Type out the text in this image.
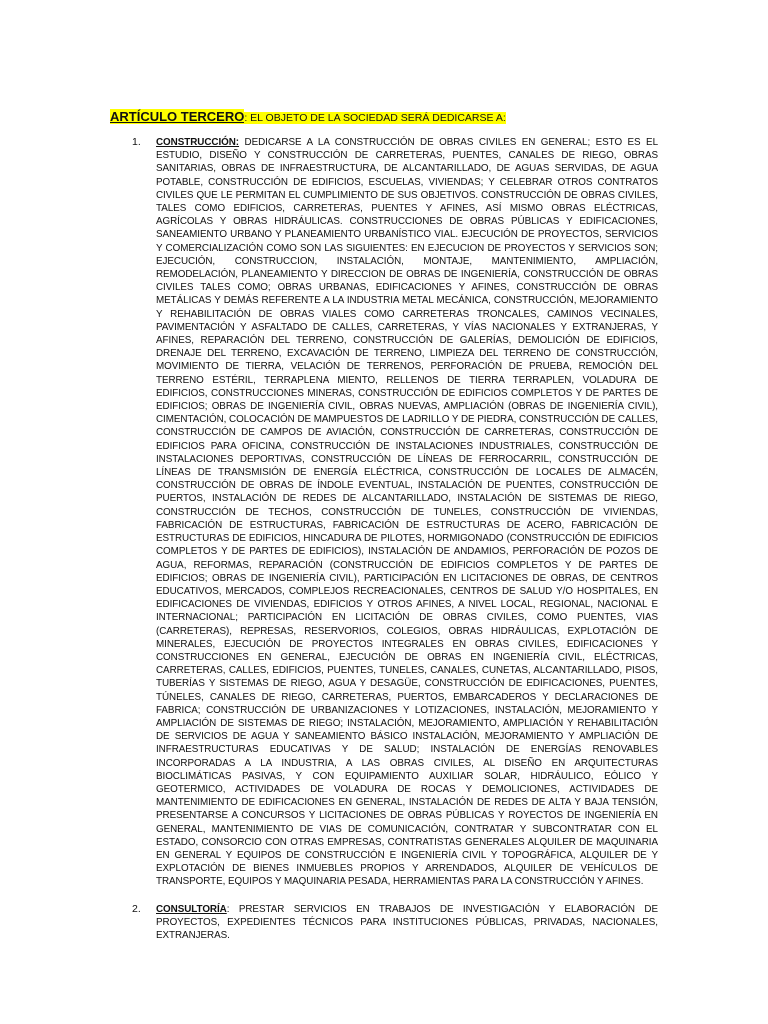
ARTÍCULO TERCERO: EL OBJETO DE LA SOCIEDAD SERÁ DEDICARSE A:
1. CONSTRUCCIÓN: DEDICARSE A LA CONSTRUCCIÓN DE OBRAS CIVILES EN GENERAL; ESTO ES EL ESTUDIO, DISEÑO Y CONSTRUCCIÓN DE CARRETERAS, PUENTES, CANALES DE RIEGO, OBRAS SANITARIAS, OBRAS DE INFRAESTRUCTURA, DE ALCANTARILLADO, DE AGUAS SERVIDAS, DE AGUA POTABLE, CONSTRUCCIÓN DE EDIFICIOS, ESCUELAS, VIVIENDAS; Y CELEBRAR OTROS CONTRATOS CIVILES QUE LE PERMITAN EL CUMPLIMIENTO DE SUS OBJETIVOS. CONSTRUCCIÓN DE OBRAS CIVILES, TALES COMO EDIFICIOS, CARRETERAS, PUENTES Y AFINES, ASÍ MISMO OBRAS ELÉCTRICAS, AGRÍCOLAS Y OBRAS HIDRÁULICAS. CONSTRUCCIONES DE OBRAS PÚBLICAS Y EDIFICACIONES, SANEAMIENTO URBANO Y PLANEAMIENTO URBANÍSTICO VIAL. EJECUCIÓN DE PROYECTOS, SERVICIOS Y COMERCIALIZACIÓN COMO SON LAS SIGUIENTES: EN EJECUCION DE PROYECTOS Y SERVICIOS SON; EJECUCIÓN, CONSTRUCCION, INSTALACIÓN, MONTAJE, MANTENIMIENTO, AMPLIACIÓN, REMODELACIÓN, PLANEAMIENTO Y DIRECCION DE OBRAS DE INGENIERÍA, CONSTRUCCIÓN DE OBRAS CIVILES TALES COMO; OBRAS URBANAS, EDIFICACIONES Y AFINES, CONSTRUCCIÓN DE OBRAS METÁLICAS Y DEMÁS REFERENTE A LA INDUSTRIA METAL MECÁNICA, CONSTRUCCIÓN, MEJORAMIENTO Y REHABILITACIÓN DE OBRAS VIALES COMO CARRETERAS TRONCALES, CAMINOS VECINALES, PAVIMENTACIÓN Y ASFALTADO DE CALLES, CARRETERAS, Y VÍAS NACIONALES Y EXTRANJERAS, Y AFINES, REPARACIÓN DEL TERRENO, CONSTRUCCIÓN DE GALERÍAS, DEMOLICIÓN DE EDIFICIOS, DRENAJE DEL TERRENO, EXCAVACIÓN DE TERRENO, LIMPIEZA DEL TERRENO DE CONSTRUCCIÓN, MOVIMIENTO DE TIERRA, VELACIÓN DE TERRENOS, PERFORACIÓN DE PRUEBA, REMOCIÓN DEL TERRENO ESTÉRIL, TERRAPLENA MIENTO, RELLENOS DE TIERRA TERRAPLEN, VOLADURA DE EDIFICIOS, CONSTRUCCIONES MINERAS, CONSTRUCCIÓN DE EDIFICIOS COMPLETOS Y DE PARTES DE EDIFICIOS; OBRAS DE INGENIERÍA CIVIL, OBRAS NUEVAS, AMPLIACIÓN (OBRAS DE INGENIERÍA CIVIL), CIMENTACIÓN, COLOCACIÓN DE MAMPUESTOS DE LADRILLO Y DE PIEDRA, CONSTRUCCIÓN DE CALLES, CONSTRUCCIÓN DE CAMPOS DE AVIACIÓN, CONSTRUCCIÓN DE CARRETERAS, CONSTRUCCIÓN DE EDIFICIOS PARA OFICINA, CONSTRUCCIÓN DE INSTALACIONES INDUSTRIALES, CONSTRUCCIÓN DE INSTALACIONES DEPORTIVAS, CONSTRUCCIÓN DE LÍNEAS DE FERROCARRIL, CONSTRUCCIÓN DE LÍNEAS DE TRANSMISIÓN DE ENERGÍA ELÉCTRICA, CONSTRUCCIÓN DE LOCALES DE ALMACÉN, CONSTRUCCIÓN DE OBRAS DE ÍNDOLE EVENTUAL, INSTALACIÓN DE PUENTES, CONSTRUCCIÓN DE PUERTOS, INSTALACIÓN DE REDES DE ALCANTARILLADO, INSTALACIÓN DE SISTEMAS DE RIEGO, CONSTRUCCIÓN DE TECHOS, CONSTRUCCIÓN DE TUNELES, CONSTRUCCIÓN DE VIVIENDAS, FABRICACIÓN DE ESTRUCTURAS, FABRICACIÓN DE ESTRUCTURAS DE ACERO, FABRICACIÓN DE ESTRUCTURAS DE EDIFICIOS, HINCADURA DE PILOTES, HORMIGONADO (CONSTRUCCIÓN DE EDIFICIOS COMPLETOS Y DE PARTES DE EDIFICIOS), INSTALACIÓN DE ANDAMIOS, PERFORACIÓN DE POZOS DE AGUA, REFORMAS, REPARACIÓN (CONSTRUCCIÓN DE EDIFICIOS COMPLETOS Y DE PARTES DE EDIFICIOS; OBRAS DE INGENIERÍA CIVIL), PARTICIPACIÓN EN LICITACIONES DE OBRAS, DE CENTROS EDUCATIVOS, MERCADOS, COMPLEJOS RECREACIONALES, CENTROS DE SALUD Y/O HOSPITALES, EN EDIFICACIONES DE VIVIENDAS, EDIFICIOS Y OTROS AFINES, A NIVEL LOCAL, REGIONAL, NACIONAL E INTERNACIONAL; PARTICIPACIÓN EN LICITACIÓN DE OBRAS CIVILES, COMO PUENTES, VIAS (CARRETERAS), REPRESAS, RESERVORIOS, COLEGIOS, OBRAS HIDRÁULICAS, EXPLOTACIÓN DE MINERALES, EJECUCIÓN DE PROYECTOS INTEGRALES EN OBRAS CIVILES, EDIFICACIONES Y CONSTRUCCIONES EN GENERAL, EJECUCIÓN DE OBRAS EN INGENIERÍA CIVIL, ELÉCTRICAS, CARRETERAS, CALLES, EDIFICIOS, PUENTES, TUNELES, CANALES, CUNETAS, ALCANTARILLADO, PISOS, TUBERÍAS Y SISTEMAS DE RIEGO, AGUA Y DESAGÜE, CONSTRUCCIÓN DE EDIFICACIONES, PUENTES, TÚNELES, CANALES DE RIEGO, CARRETERAS, PUERTOS, EMBARCADEROS Y DECLARACIONES DE FABRICA; CONSTRUCCIÓN DE URBANIZACIONES Y LOTIZACIONES, INSTALACIÓN, MEJORAMIENTO Y AMPLIACIÓN DE SISTEMAS DE RIEGO; INSTALACIÓN, MEJORAMIENTO, AMPLIACIÓN Y REHABILITACIÓN DE SERVICIOS DE AGUA Y SANEAMIENTO BÁSICO INSTALACIÓN, MEJORAMIENTO Y AMPLIACIÓN DE INFRAESTRUCTURAS EDUCATIVAS Y DE SALUD; INSTALACIÓN DE ENERGÍAS RENOVABLES INCORPORADAS A LA INDUSTRIA, A LAS OBRAS CIVILES, AL DISEÑO EN ARQUITECTURAS BIOCLIMÁTICAS PASIVAS, Y CON EQUIPAMIENTO AUXILIAR SOLAR, HIDRÁULICO, EÓLICO Y GEOTERMICO, ACTIVIDADES DE VOLADURA DE ROCAS Y DEMOLICIONES, ACTIVIDADES DE MANTENIMIENTO DE EDIFICACIONES EN GENERAL, INSTALACIÓN DE REDES DE ALTA Y BAJA TENSIÓN, PRESENTARSE A CONCURSOS Y LICITACIONES DE OBRAS PÚBLICAS Y ROYECTOS DE INGENIERÍA EN GENERAL, MANTENIMIENTO DE VIAS DE COMUNICACIÓN, CONTRATAR Y SUBCONTRATAR CON EL ESTADO, CONSORCIO CON OTRAS EMPRESAS, CONTRATISTAS GENERALES ALQUILER DE MAQUINARIA EN GENERAL Y EQUIPOS DE CONSTRUCCIÓN E INGENIERÍA CIVIL Y TOPOGRÁFICA, ALQUILER DE Y EXPLOTACIÓN DE BIENES INMUEBLES PROPIOS Y ARRENDADOS, ALQUILER DE VEHÍCULOS DE TRANSPORTE, EQUIPOS Y MAQUINARIA PESADA, HERRAMIENTAS PARA LA CONSTRUCCIÓN Y AFINES.
2. CONSULTORÍA: PRESTAR SERVICIOS EN TRABAJOS DE INVESTIGACIÓN Y ELABORACIÓN DE PROYECTOS, EXPEDIENTES TÉCNICOS PARA INSTITUCIONES PÚBLICAS, PRIVADAS, NACIONALES, EXTRANJERAS.
